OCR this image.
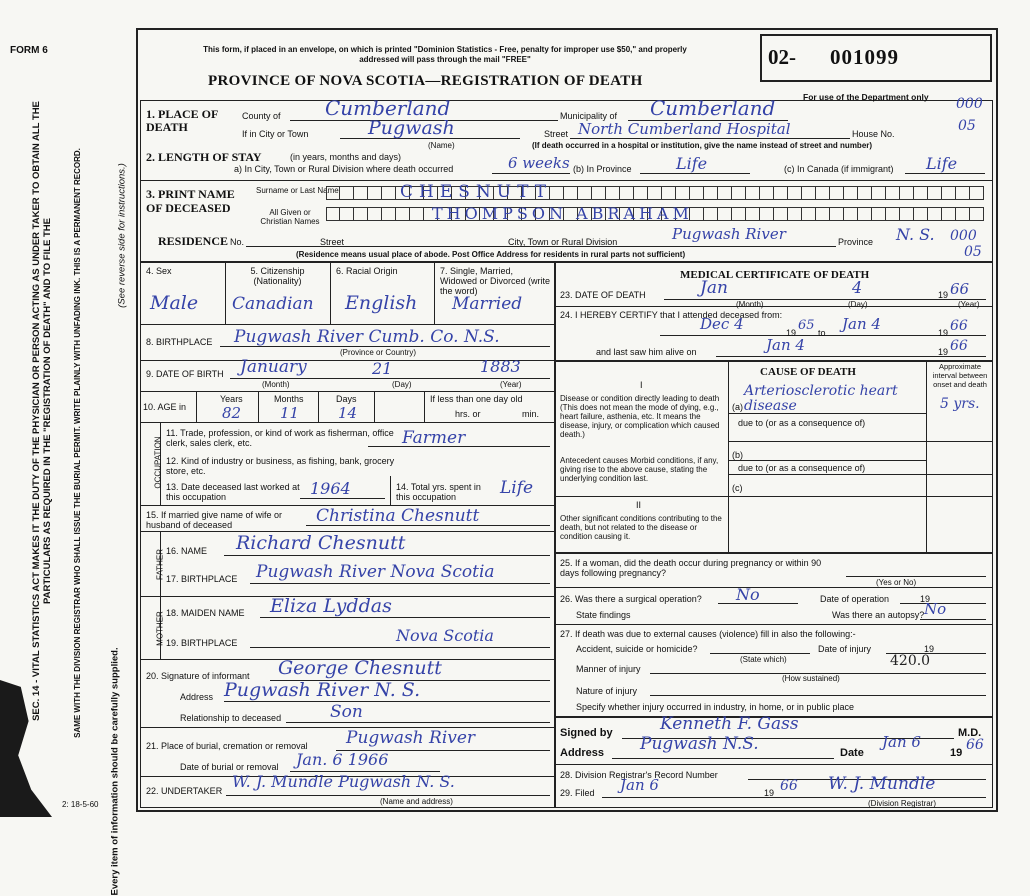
FORM 6
2: 18-5-60
SEC. 14 - VITAL STATISTICS ACT MAKES IT THE DUTY OF THE PHYSICIAN OR PERSON ACTING AS UNDER TAKER TO OBTAIN ALL THE PARTICULARS AS REQUIRED IN THE "REGISTRATION OF DEATH" AND TO FILE THE	SAME WITH THE DIVISION REGISTRAR WHO SHALL ISSUE THE BURIAL PERMIT. WRITE PLAINLY WITH UNFADING INK. THIS IS A PERMANENT RECORD.
Every item of information should be carefully supplied.
(See reverse side for instructions.)
This form, if placed in an envelope, on which is printed "Dominion Statistics - Free, penalty for improper use $50," and properly addressed will pass through the mail "FREE"
PROVINCE OF NOVA SCOTIA—REGISTRATION OF DEATH
02- 001099
For use of the Department only
1. PLACE OF DEATH
County of Cumberland	Municipality of Cumberland	000
If in City or Town	Pugwash
(Name)
Street North Cumberland Hospital	House No.	05
(If death occurred in a hospital or institution, give the name instead of street and number)
2. LENGTH OF STAY	(in years, months and days)
a) In City, Town or Rural Division where death occurred	6 weeks (b) In Province	Life	(c) In Canada (if immigrant) Life
3. PRINT NAME OF DECEASED
Surname or Last Name
All Given or Christian Names
CHESNUTT
THOMPSON ABRAHAM
RESIDENCE No.	Street	City, Town or Rural Division	Pugwash River	Province N. S. 000
05
(Residence means usual place of abode. Post Office Address for residents in rural parts not sufficient)
4. Sex	5. Citizenship (Nationality)
6. Racial Origin	7. Single, Married, Widowed or Divorced (write the word)
Male Canadian English Married
8. BIRTHPLACE Pugwash River Cumb. Co. N.S.
(Province or Country)
9. DATE OF BIRTH January	21	1883
(Month)	(Day)	(Year)
10. AGE in
Years	Months	Days
82	11	14
If less than one day old
hrs. or	min.
OCCUPATION
11. Trade, profession, or kind of work as fisherman, office clerk, sales clerk, etc.	Farmer
12. Kind of industry or business, as fishing, bank, grocery store, etc.
13. Date deceased last worked at this occupation	1964	14. Total yrs. spent in this occupation	Life
15. If married give name of wife or husband of deceased	Christina Chesnutt
FATHER 16. NAME Richard Chesnutt
17. BIRTHPLACE Pugwash River Nova Scotia
MOTHER 18. MAIDEN NAME Eliza Lyddas
19. BIRTHPLACE	Nova Scotia
20. Signature of informant George Chesnutt
Address Pugwash River N. S.
Relationship to deceased	Son
21. Place of burial, cremation or removal Pugwash River
Date of burial or removal Jan. 6 1966
22. UNDERTAKER W. J. Mundle Pugwash N. S.
(Name and address)
MEDICAL CERTIFICATE OF DEATH
23. DATE OF DEATH	Jan	4	19 66
(Month)	(Day)	(Year)
24. I HEREBY CERTIFY that I attended deceased from:
Dec 4	19 65 to Jan 4	19 66
and last saw him alive on	Jan 4	19 66
CAUSE OF DEATH	Approximate interval between onset and death
I
Disease or condition directly leading to death (This does not mean the mode of dying, e.g., heart failure, asthenia, etc. It means the disease, injury, or complication which caused death.)
(a)
Arteriosclerotic heart disease	5 yrs.
due to (or as a consequence of)
Antecedent causes Morbid conditions, if any, giving rise to the above cause, stating the underlying condition last.
(b)
due to (or as a consequence of)
(c)
II
Other significant conditions contributing to the death, but not related to the disease or condition causing it.
25. If a woman, did the death occur during pregnancy or within 90 days following pregnancy?
(Yes or No)
26. Was there a surgical operation? No	Date of operation	19
State findings	Was there an autopsy? No
27. If death was due to external causes (violence) fill in also the following:-
Accident, suicide or homicide?
(State which)
Date of injury	19
Manner of injury	420.0
(How sustained)
Nature of injury
Specify whether injury occurred in industry, in home, or in public place
Signed by	Kenneth F. Gass	M.D.
Address Pugwash N.S.	Date
Jan 6
19 66
28. Division Registrar's Record Number
29. Filed Jan 6	19 66 W. J. Mundle
(Division Registrar)
